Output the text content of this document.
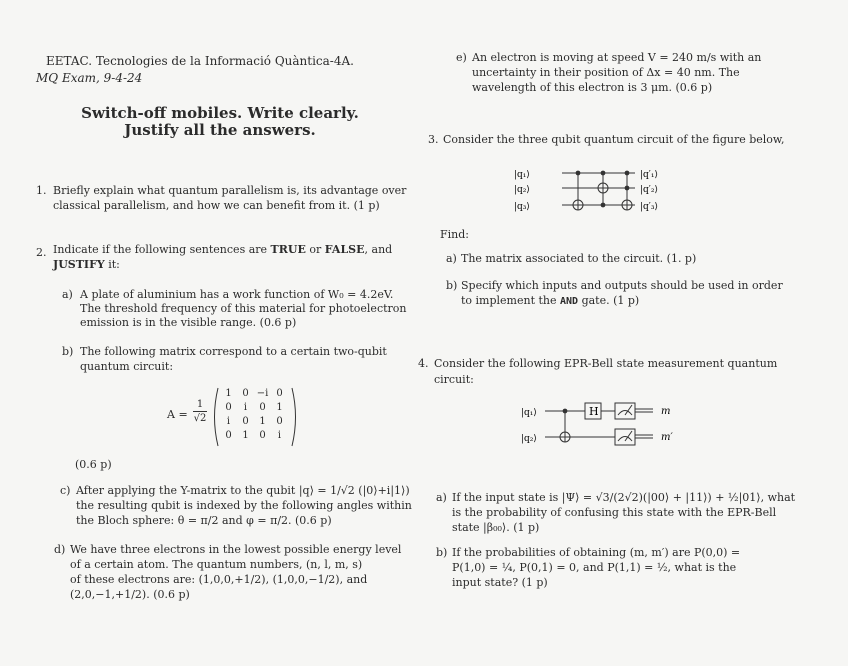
EETAC. Tecnologies de la Informació Quàntica-4A.
MQ Exam, 9-4-24
Switch-off mobiles. Write clearly.
Justify all the answers.
1. Briefly explain what quantum parallelism is, its advantage over
classical parallelism, and how we can benefit from it. (1 p)
2. Indicate if the following sentences are TRUE or FALSE, and
JUSTIFY it:
a) A plate of aluminium has a work function of W₀ = 4.2eV.
The threshold frequency of this material for photoelectron
emission is in the visible range. (0.6 p)
b) The following matrix correspond to a certain two-qubit
quantum circuit:
A =
1
√2
1	0 −i 0
0	i	0	1
i	0	1	0
0	1	0	i
(0.6 p)
c) After applying the Y-matrix to the qubit |q⟩ = 1/√2 (|0⟩+i|1⟩)
the resulting qubit is indexed by the following angles within
the Bloch sphere: θ = π/2 and φ = π/2. (0.6 p)
d) We have three electrons in the lowest possible energy level
of a certain atom. The quantum numbers, (n, l, m, s)
of these electrons are: (1,0,0,+1/2), (1,0,0,−1/2), and
(2,0,−1,+1/2). (0.6 p)
e) An electron is moving at speed V = 240 m/s with an
uncertainty in their position of Δx = 40 nm. The
wavelength of this electron is 3 μm. (0.6 p)
3. Consider the three qubit quantum circuit of the figure below,
|q₁⟩
|q₂⟩
|q₃⟩
|q′₁⟩
|q′₂⟩
|q′₃⟩
Find:
a) The matrix associated to the circuit. (1. p)
b) Specify which inputs and outputs should be used in order
to implement the AND gate. (1 p)
4. Consider the following EPR-Bell state measurement quantum
circuit:
H
|q₁⟩
|q₂⟩
m
m′
a) If the input state is |Ψ⟩ = √3/(2√2)(|00⟩ + |11⟩) + ½|01⟩, what
is the probability of confusing this state with the EPR-Bell
state |β₀₀⟩. (1 p)
b) If the probabilities of obtaining (m, m′) are P(0,0) =
P(1,0) = ¼, P(0,1) = 0, and P(1,1) = ½, what is the
input state? (1 p)
